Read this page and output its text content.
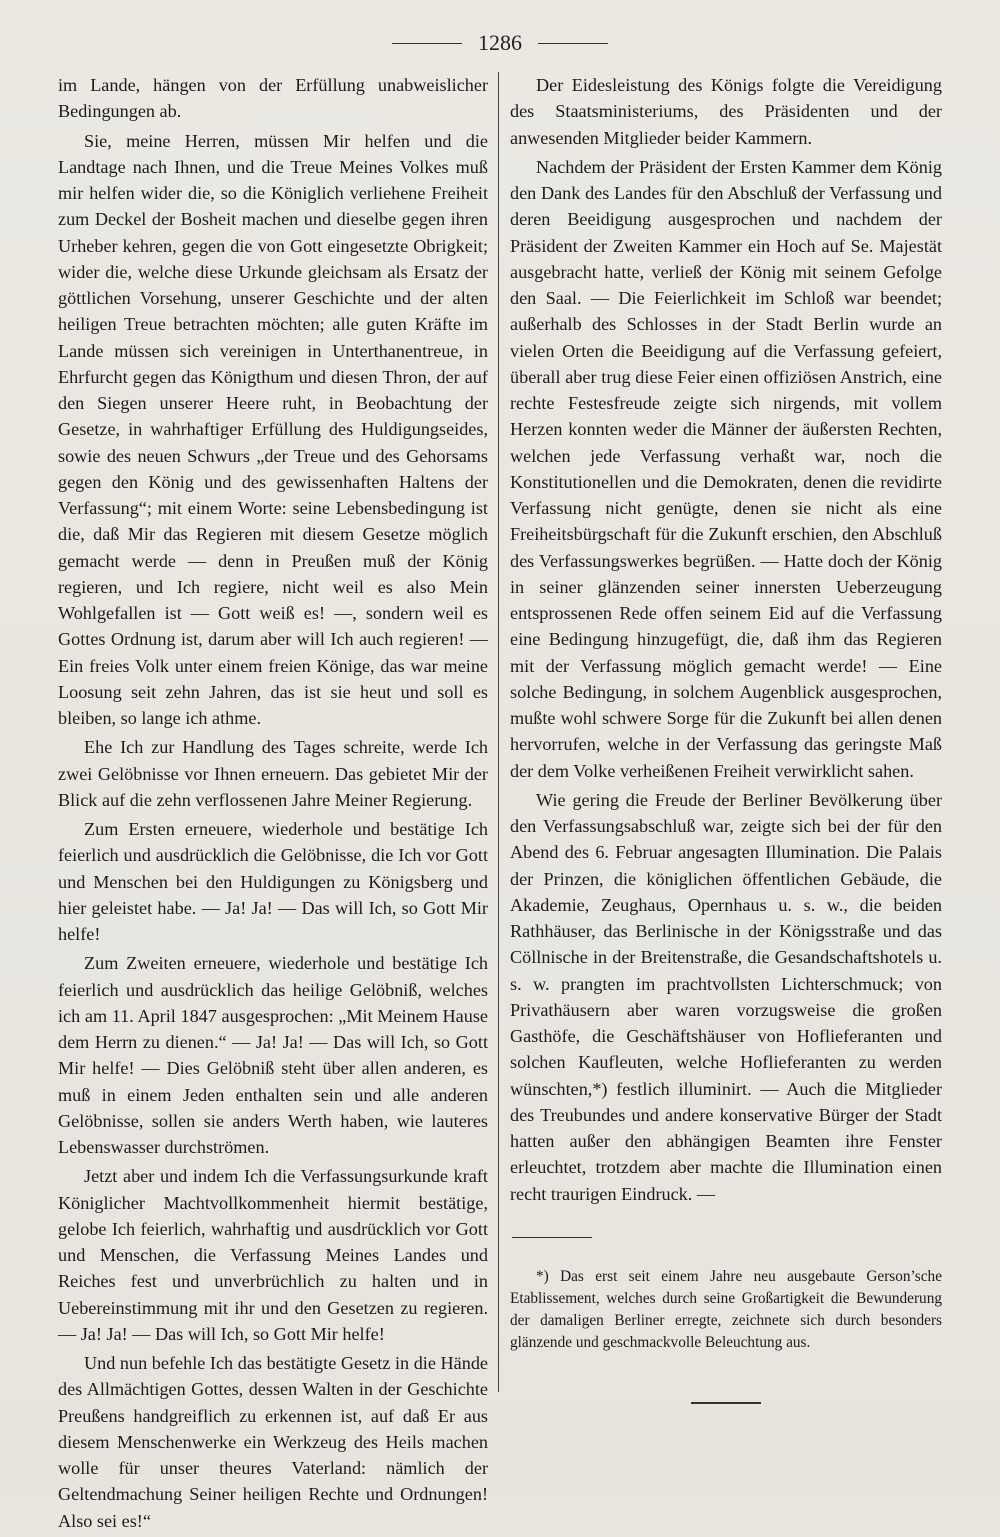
1286

im Lande, hängen von der Erfüllung unabweislicher Bedingungen ab.

Sie, meine Herren, müssen Mir helfen und die Landtage nach Ihnen, und die Treue Meines Volkes muß mir helfen wider die, so die Königlich verliehene Freiheit zum Deckel der Bosheit machen und dieselbe gegen ihren Urheber kehren, gegen die von Gott eingesetzte Obrigkeit; wider die, welche diese Urkunde gleichsam als Ersatz der göttlichen Vorsehung, unserer Geschichte und der alten heiligen Treue betrachten möchten; alle guten Kräfte im Lande müssen sich vereinigen in Unterthanentreue, in Ehrfurcht gegen das Königthum und diesen Thron, der auf den Siegen unserer Heere ruht, in Beobachtung der Gesetze, in wahrhaftiger Erfüllung des Huldigungseides, sowie des neuen Schwurs „der Treue und des Gehorsams gegen den König und des gewissenhaften Haltens der Verfassung“; mit einem Worte: seine Lebensbedingung ist die, daß Mir das Regieren mit diesem Gesetze möglich gemacht werde — denn in Preußen muß der König regieren, und Ich regiere, nicht weil es also Mein Wohlgefallen ist — Gott weiß es! —, sondern weil es Gottes Ordnung ist, darum aber will Ich auch regieren! — Ein freies Volk unter einem freien Könige, das war meine Loosung seit zehn Jahren, das ist sie heut und soll es bleiben, so lange ich athme.

Ehe Ich zur Handlung des Tages schreite, werde Ich zwei Gelöbnisse vor Ihnen erneuern. Das gebietet Mir der Blick auf die zehn verflossenen Jahre Meiner Regierung.

Zum Ersten erneuere, wiederhole und bestätige Ich feierlich und ausdrücklich die Gelöbnisse, die Ich vor Gott und Menschen bei den Huldigungen zu Königsberg und hier geleistet habe. — Ja! Ja! — Das will Ich, so Gott Mir helfe!

Zum Zweiten erneuere, wiederhole und bestätige Ich feierlich und ausdrücklich das heilige Gelöbniß, welches ich am 11. April 1847 ausgesprochen: „Mit Meinem Hause dem Herrn zu dienen.“ — Ja! Ja! — Das will Ich, so Gott Mir helfe! — Dies Gelöbniß steht über allen anderen, es muß in einem Jeden enthalten sein und alle anderen Gelöbnisse, sollen sie anders Werth haben, wie lauteres Lebenswasser durchströmen.

Jetzt aber und indem Ich die Verfassungsurkunde kraft Königlicher Machtvollkommenheit hiermit bestätige, gelobe Ich feierlich, wahrhaftig und ausdrücklich vor Gott und Menschen, die Verfassung Meines Landes und Reiches fest und unverbrüchlich zu halten und in Uebereinstimmung mit ihr und den Gesetzen zu regieren. — Ja! Ja! — Das will Ich, so Gott Mir helfe!

Und nun befehle Ich das bestätigte Gesetz in die Hände des Allmächtigen Gottes, dessen Walten in der Geschichte Preußens handgreiflich zu erkennen ist, auf daß Er aus diesem Menschenwerke ein Werkzeug des Heils machen wolle für unser theures Vaterland: nämlich der Geltendmachung Seiner heiligen Rechte und Ordnungen! Also sei es!“

Der Eidesleistung des Königs folgte die Vereidigung des Staatsministeriums, des Präsidenten und der anwesenden Mitglieder beider Kammern.

Nachdem der Präsident der Ersten Kammer dem König den Dank des Landes für den Abschluß der Verfassung und deren Beeidigung ausgesprochen und nachdem der Präsident der Zweiten Kammer ein Hoch auf Se. Majestät ausgebracht hatte, verließ der König mit seinem Gefolge den Saal. — Die Feierlichkeit im Schloß war beendet; außerhalb des Schlosses in der Stadt Berlin wurde an vielen Orten die Beeidigung auf die Verfassung gefeiert, überall aber trug diese Feier einen offiziösen Anstrich, eine rechte Festesfreude zeigte sich nirgends, mit vollem Herzen konnten weder die Männer der äußersten Rechten, welchen jede Verfassung verhaßt war, noch die Konstitutionellen und die Demokraten, denen die revidirte Verfassung nicht genügte, denen sie nicht als eine Freiheitsbürgschaft für die Zukunft erschien, den Abschluß des Verfassungswerkes begrüßen. — Hatte doch der König in seiner glänzenden seiner innersten Ueberzeugung entsprossenen Rede offen seinem Eid auf die Verfassung eine Bedingung hinzugefügt, die, daß ihm das Regieren mit der Verfassung möglich gemacht werde! — Eine solche Bedingung, in solchem Augenblick ausgesprochen, mußte wohl schwere Sorge für die Zukunft bei allen denen hervorrufen, welche in der Verfassung das geringste Maß der dem Volke verheißenen Freiheit verwirklicht sahen.

Wie gering die Freude der Berliner Bevölkerung über den Verfassungsabschluß war, zeigte sich bei der für den Abend des 6. Februar angesagten Illumination. Die Palais der Prinzen, die königlichen öffentlichen Gebäude, die Akademie, Zeughaus, Opernhaus u. s. w., die beiden Rathhäuser, das Berlinische in der Königsstraße und das Cöllnische in der Breitenstraße, die Gesandschaftshotels u. s. w. prangten im prachtvollsten Lichterschmuck; von Privathäusern aber waren vorzugsweise die großen Gasthöfe, die Geschäftshäuser von Hoflieferanten und solchen Kaufleuten, welche Hoflieferanten zu werden wünschten,*) festlich illuminirt. — Auch die Mitglieder des Treubundes und andere konservative Bürger der Stadt hatten außer den abhängigen Beamten ihre Fenster erleuchtet, trotzdem aber machte die Illumination einen recht traurigen Eindruck. —

*) Das erst seit einem Jahre neu ausgebaute Gerson’sche Etablissement, welches durch seine Großartigkeit die Bewunderung der damaligen Berliner erregte, zeichnete sich durch besonders glänzende und geschmackvolle Beleuchtung aus.
